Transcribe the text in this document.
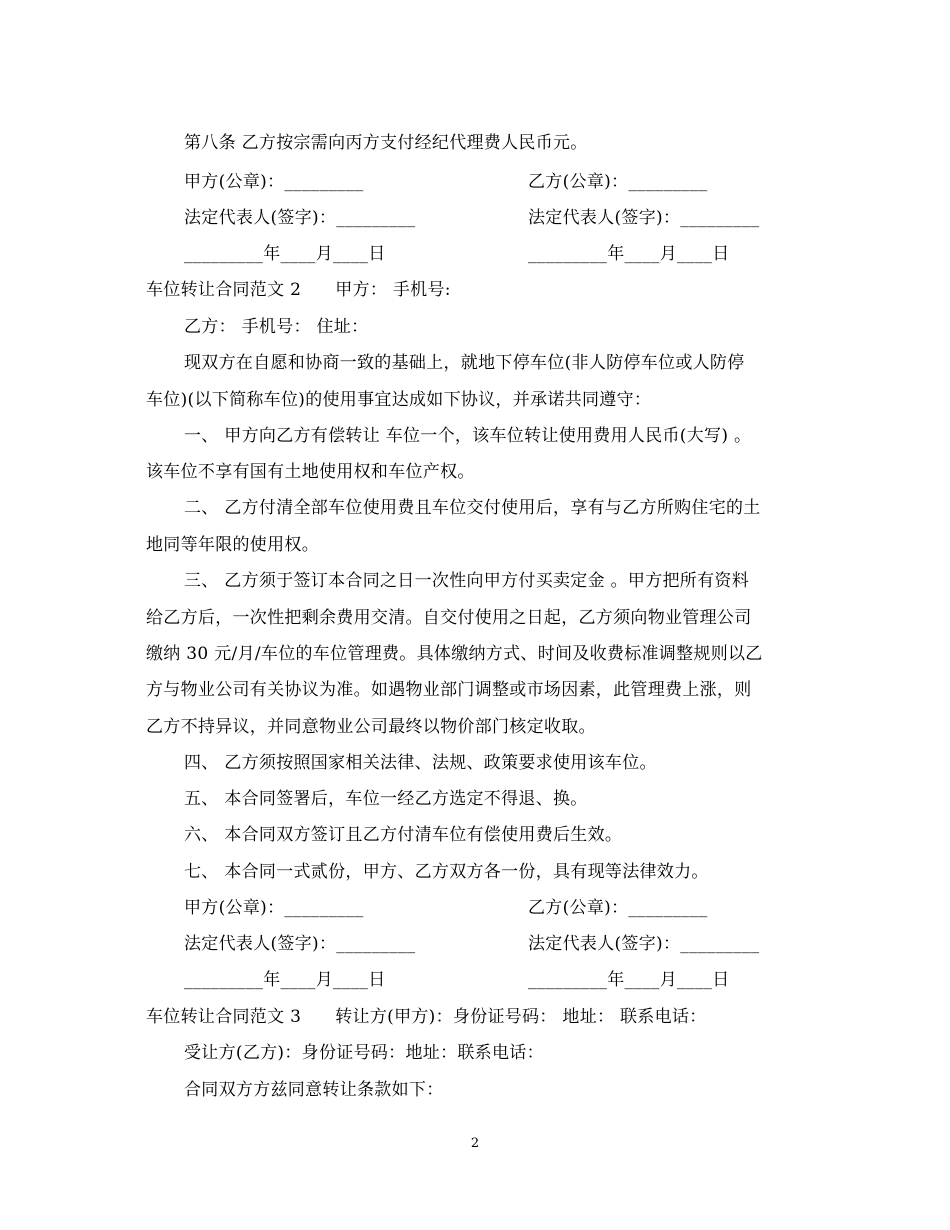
第八条 乙方按宗需向丙方支付经纪代理费人民币元。
甲方(公章)：_________	乙方(公章)：_________
法定代表人(签字)：_________	法定代表人(签字)：_________
_________年____月____日	_________年____月____日
车位转让合同范文 2 甲方： 手机号:
乙方： 手机号： 住址：
现双方在自愿和协商一致的基础上，就地下停车位(非人防停车位或人防停
车位)(以下简称车位)的使用事宜达成如下协议，并承诺共同遵守：
一、 甲方向乙方有偿转让 车位一个，该车位转让使用费用人民币(大写) 。
该车位不享有国有土地使用权和车位产权。
二、 乙方付清全部车位使用费且车位交付使用后，享有与乙方所购住宅的土
地同等年限的使用权。
三、 乙方须于签订本合同之日一次性向甲方付买卖定金 。甲方把所有资料
给乙方后，一次性把剩余费用交清。自交付使用之日起，乙方须向物业管理公司
缴纳 30 元/月/车位的车位管理费。具体缴纳方式、时间及收费标准调整规则以乙
方与物业公司有关协议为准。如遇物业部门调整或市场因素，此管理费上涨，则
乙方不持异议，并同意物业公司最终以物价部门核定收取。
四、 乙方须按照国家相关法律、法规、政策要求使用该车位。
五、 本合同签署后，车位一经乙方选定不得退、换。
六、 本合同双方签订且乙方付清车位有偿使用费后生效。
七、 本合同一式贰份，甲方、乙方双方各一份，具有现等法律效力。
甲方(公章)：_________	乙方(公章)：_________
法定代表人(签字)：_________	法定代表人(签字)：_________
_________年____月____日	_________年____月____日
车位转让合同范文 3 转让方(甲方)：身份证号码： 地址： 联系电话：
受让方(乙方)：身份证号码：地址：联系电话：
合同双方方兹同意转让条款如下：
2
